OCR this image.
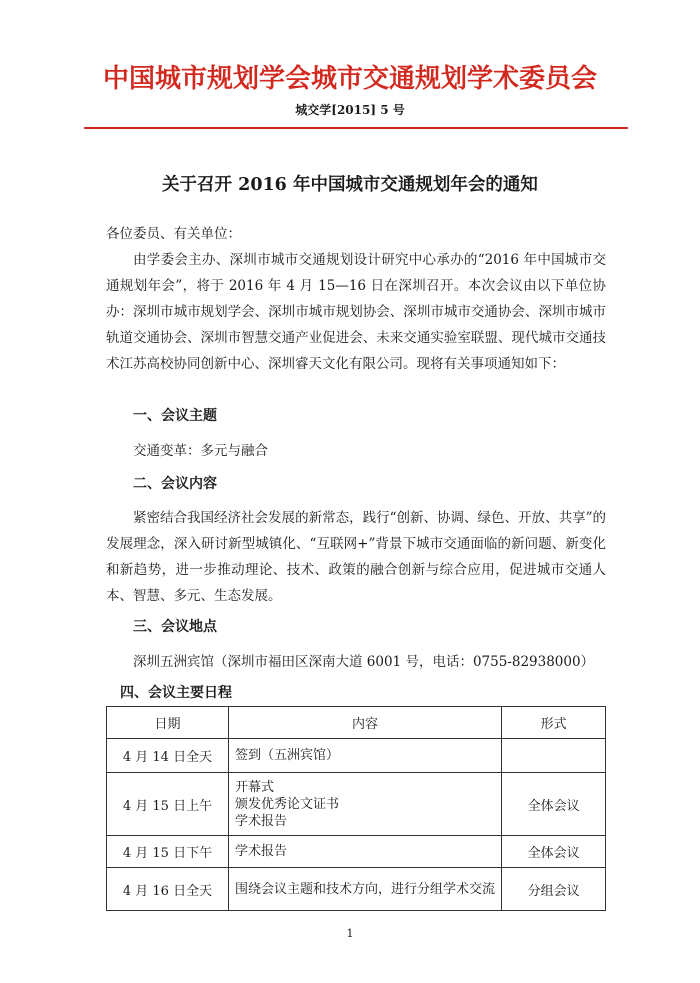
中国城市规划学会城市交通规划学术委员会
城交学[2015] 5 号
关于召开 2016 年中国城市交通规划年会的通知
各位委员、有关单位：
由学委会主办、深圳市城市交通规划设计研究中心承办的“2016 年中国城市交通规划年会”，将于 2016 年 4 月 15—16 日在深圳召开。本次会议由以下单位协办：深圳市城市规划学会、深圳市城市规划协会、深圳市城市交通协会、深圳市城市轨道交通协会、深圳市智慧交通产业促进会、未来交通实验室联盟、现代城市交通技术江苏高校协同创新中心、深圳睿天文化有限公司。现将有关事项通知如下：
一、会议主题
交通变革：多元与融合
二、会议内容
紧密结合我国经济社会发展的新常态，践行“创新、协调、绿色、开放、共享”的发展理念，深入研讨新型城镇化、“互联网+”背景下城市交通面临的新问题、新变化和新趋势，进一步推动理论、技术、政策的融合创新与综合应用，促进城市交通人本、智慧、多元、生态发展。
三、会议地点
深圳五洲宾馆（深圳市福田区深南大道 6001 号，电话：0755-82938000）
四、会议主要日程
日期	内容	形式
4 月 14 日全天	签到（五洲宾馆）	

4 月 15 日上午	开幕式
颁发优秀论文证书
学术报告	全体会议
4 月 15 日下午	学术报告	全体会议
4 月 16 日全天	围绕会议主题和技术方向，进行分组学术交流	分组会议
1
